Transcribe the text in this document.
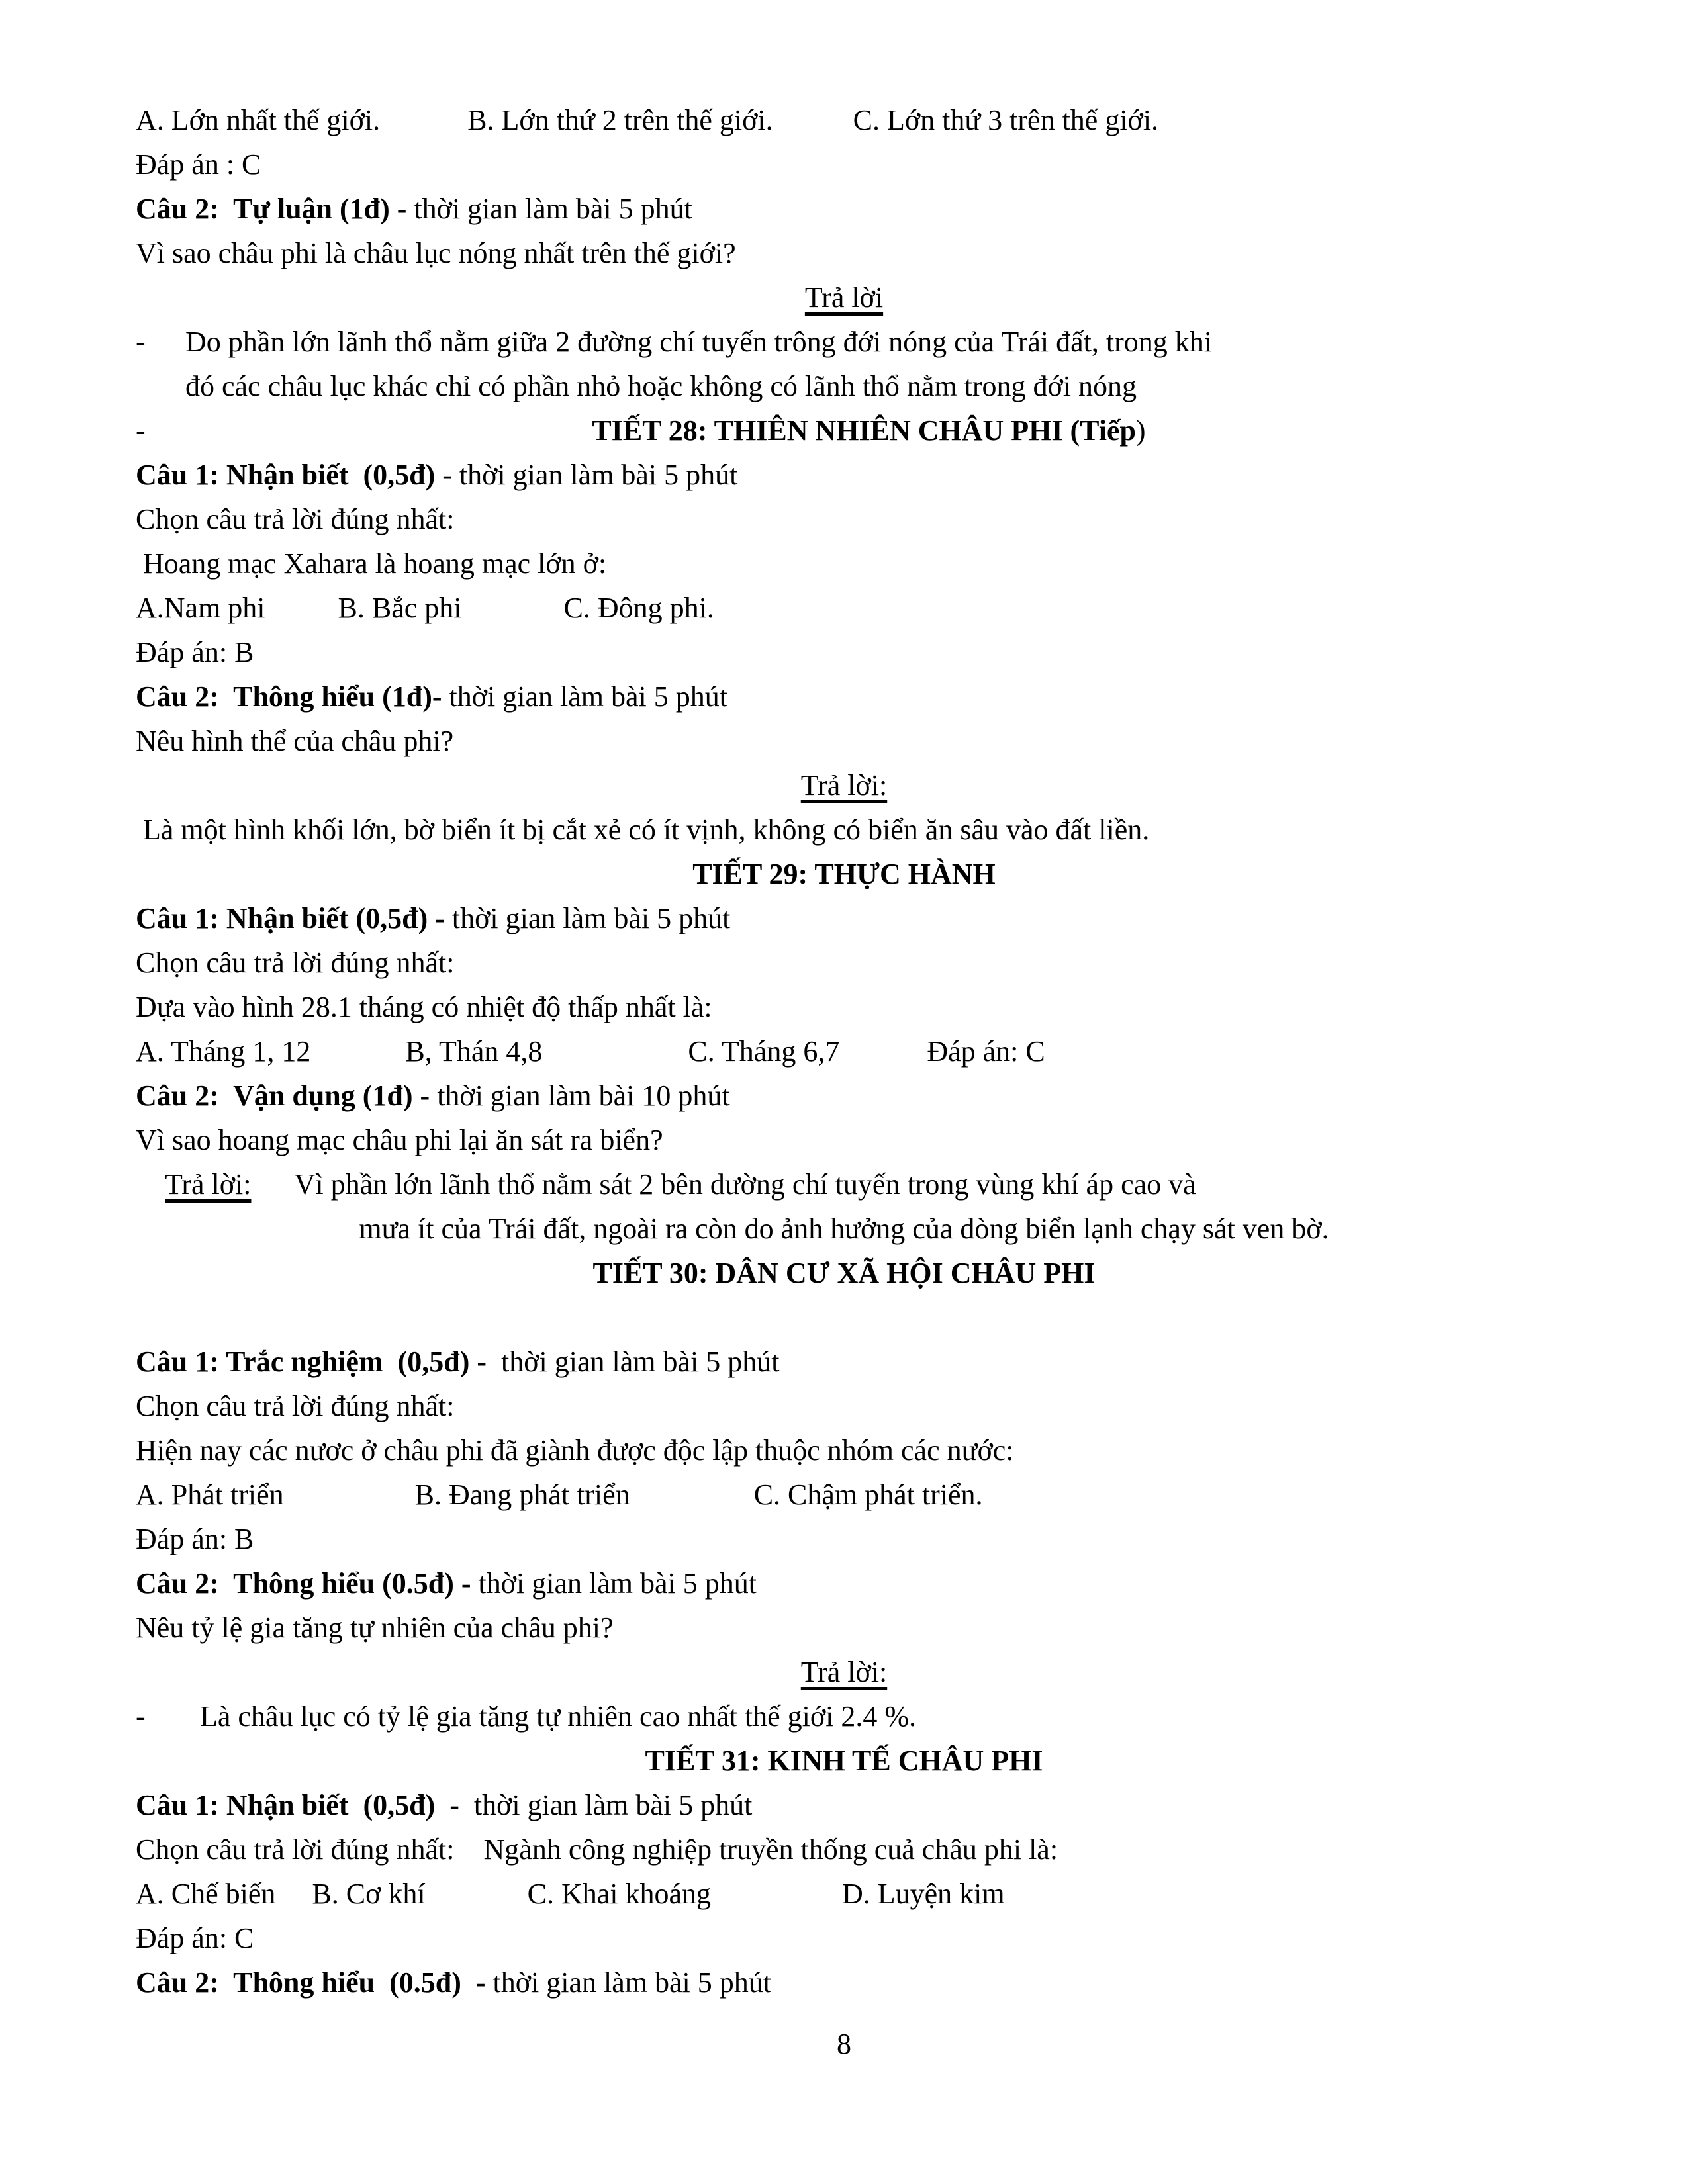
A. Lớn nhất thế giới.	B. Lớn thứ 2 trên thế giới.	C. Lớn thứ 3 trên thế giới.
Đáp án : C
Câu 2:  Tự luận (1đ) - thời gian làm bài 5 phút
Vì sao châu phi là châu lục nóng nhất trên thế giới?
Trả lời
-	Do phần lớn lãnh thổ nằm giữa 2 đường chí tuyến trông đới nóng của Trái đất, trong khi
đó các châu lục khác chỉ có phần nhỏ hoặc không có lãnh thổ nằm trong đới nóng
-	TIẾT 28: THIÊN NHIÊN CHÂU PHI (Tiếp)
Câu 1: Nhận biết  (0,5đ) - thời gian làm bài 5 phút
Chọn câu trả lời đúng nhất:
Hoang mạc Xahara là hoang mạc lớn ở:
A.Nam phi	B. Bắc phi	C. Đông phi.
Đáp án: B
Câu 2:  Thông hiểu (1đ)- thời gian làm bài 5 phút
Nêu hình thể của châu phi?
Trả lời:
Là một hình khối lớn, bờ biển ít bị cắt xẻ có ít vịnh, không có biển ăn sâu vào đất liền.
TIẾT 29: THỰC HÀNH
Câu 1: Nhận biết (0,5đ) - thời gian làm bài 5 phút
Chọn câu trả lời đúng nhất:
Dựa vào hình 28.1 tháng có nhiệt độ thấp nhất là:
A. Tháng 1, 12	B, Thán 4,8	C. Tháng 6,7	Đáp án: C
Câu 2:  Vận dụng (1đ) - thời gian làm bài 10 phút
Vì sao hoang mạc châu phi lại ăn sát ra biển?
Trả lời:      Vì phần lớn lãnh thổ nằm sát 2 bên dường chí tuyến trong vùng khí áp cao và
mưa ít của Trái đất, ngoài ra còn do ảnh hưởng của dòng biển lạnh chạy sát ven bờ.
TIẾT 30: DÂN CƯ XÃ HỘI CHÂU PHI
Câu 1: Trắc nghiệm  (0,5đ) -  thời gian làm bài 5 phút
Chọn câu trả lời đúng nhất:
Hiện nay các nươc ở châu phi đã giành được độc lập thuộc nhóm các nước:
A. Phát triển	B. Đang phát triển	C. Chậm phát triển.
Đáp án: B
Câu 2:  Thông hiểu (0.5đ) - thời gian làm bài 5 phút
Nêu tỷ lệ gia tăng tự nhiên của châu phi?
Trả lời:
-	Là châu lục có tỷ lệ gia tăng tự nhiên cao nhất thế giới 2.4 %.
TIẾT 31: KINH TẾ CHÂU PHI
Câu 1: Nhận biết  (0,5đ)  -  thời gian làm bài 5 phút
Chọn câu trả lời đúng nhất: Ngành công nghiệp truyền thống cuả châu phi là:
A. Chế biến B. Cơ khí	C. Khai khoáng	D. Luyện kim
Đáp án: C
Câu 2:  Thông hiểu  (0.5đ)  - thời gian làm bài 5 phút
8
